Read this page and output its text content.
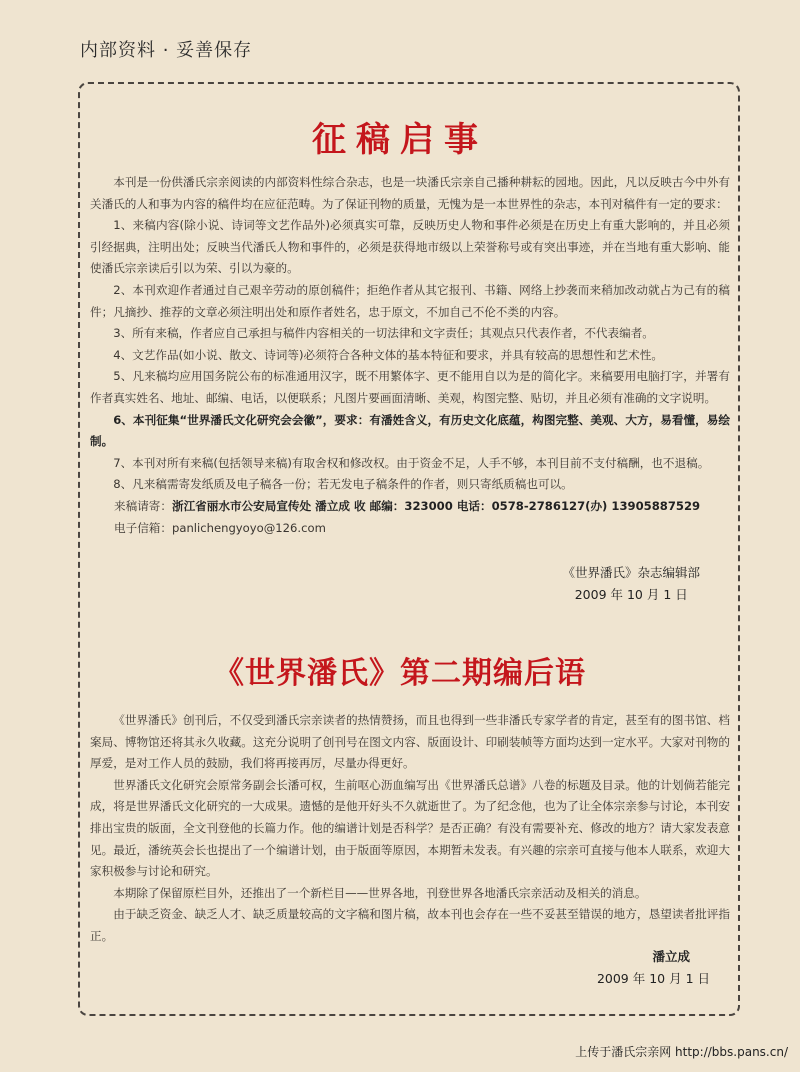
内部资料 · 妥善保存
征稿启事

本刊是一份供潘氏宗亲阅读的内部资料性综合杂志，也是一块潘氏宗亲自己播种耕耘的园地。因此，凡以反映古今中外有关潘氏的人和事为内容的稿件均在应征范畴。为了保证刊物的质量，无愧为是一本世界性的杂志，本刊对稿件有一定的要求：

1、来稿内容(除小说、诗词等文艺作品外)必须真实可靠，反映历史人物和事件必须是在历史上有重大影响的，并且必须引经据典，注明出处；反映当代潘氏人物和事件的，必须是获得地市级以上荣誉称号或有突出事迹，并在当地有重大影响、能使潘氏宗亲读后引以为荣、引以为豪的。

2、本刊欢迎作者通过自己艰辛劳动的原创稿件；拒绝作者从其它报刊、书籍、网络上抄袭而来稍加改动就占为己有的稿件；凡摘抄、推荐的文章必须注明出处和原作者姓名，忠于原文，不加自己不伦不类的内容。

3、所有来稿，作者应自己承担与稿件内容相关的一切法律和文字责任；其观点只代表作者，不代表编者。

4、文艺作品(如小说、散文、诗词等)必须符合各种文体的基本特征和要求，并具有较高的思想性和艺术性。

5、凡来稿均应用国务院公布的标准通用汉字，既不用繁体字、更不能用自以为是的简化字。来稿要用电脑打字，并署有作者真实姓名、地址、邮编、电话，以便联系；凡图片要画面清晰、美观，构图完整、贴切，并且必须有准确的文字说明。

6、本刊征集“世界潘氏文化研究会会徽”，要求：有潘姓含义，有历史文化底蕴，构图完整、美观、大方，易看懂，易绘制。

7、本刊对所有来稿(包括领导来稿)有取舍权和修改权。由于资金不足，人手不够，本刊目前不支付稿酬，也不退稿。

8、凡来稿需寄发纸质及电子稿各一份；若无发电子稿条件的作者，则只寄纸质稿也可以。

来稿请寄：浙江省丽水市公安局宣传处 潘立成 收 邮编：323000 电话：0578-2786127(办) 13905887529
电子信箱：panlichengyoyo@126.com
《世界潘氏》杂志编辑部
2009 年 10 月 1 日
《世界潘氏》第二期编后语

《世界潘氏》创刊后，不仅受到潘氏宗亲读者的热情赞扬，而且也得到一些非潘氏专家学者的肯定，甚至有的图书馆、档案局、博物馆还将其永久收藏。这充分说明了创刊号在图文内容、版面设计、印刷装帧等方面均达到一定水平。大家对刊物的厚爱，是对工作人员的鼓励，我们将再接再厉，尽量办得更好。

世界潘氏文化研究会原常务副会长潘可权，生前呕心沥血编写出《世界潘氏总谱》八卷的标题及目录。他的计划倘若能完成，将是世界潘氏文化研究的一大成果。遗憾的是他开好头不久就逝世了。为了纪念他，也为了让全体宗亲参与讨论，本刊安排出宝贵的版面，全文刊登他的长篇力作。他的编谱计划是否科学？是否正确？有没有需要补充、修改的地方？请大家发表意见。最近，潘统英会长也提出了一个编谱计划，由于版面等原因，本期暂未发表。有兴趣的宗亲可直接与他本人联系，欢迎大家积极参与讨论和研究。

本期除了保留原栏目外，还推出了一个新栏目——世界各地，刊登世界各地潘氏宗亲活动及相关的消息。

由于缺乏资金、缺乏人才、缺乏质量较高的文字稿和图片稿，故本刊也会存在一些不妥甚至错误的地方，恳望读者批评指正。

潘立成
2009 年 10 月 1 日
上传于潘氏宗亲网 http://bbs.pans.cn/
